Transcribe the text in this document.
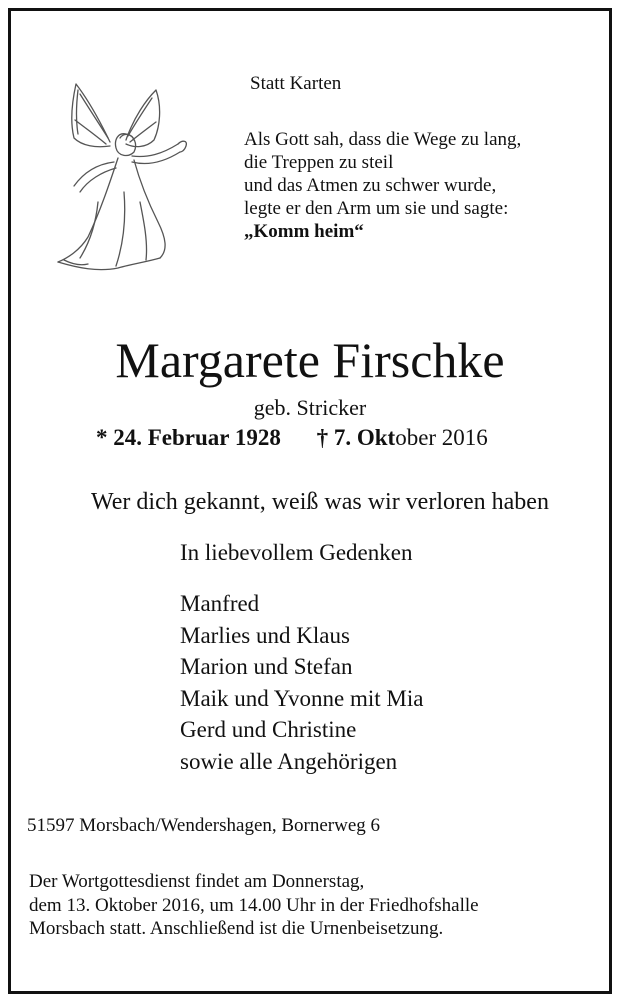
Statt Karten
Als Gott sah, dass die Wege zu lang,
die Treppen zu steil
und das Atmen zu schwer wurde,
legte er den Arm um sie und sagte:
„Komm heim“
Margarete Firschke
geb. Stricker
* 24. Februar 1928 † 7. Oktober 2016
Wer dich gekannt, weiß was wir verloren haben
In liebevollem Gedenken
Manfred
Marlies und Klaus
Marion und Stefan
Maik und Yvonne mit Mia
Gerd und Christine
sowie alle Angehörigen
51597 Morsbach/Wendershagen, Bornerweg 6
Der Wortgottesdienst findet am Donnerstag,
dem 13. Oktober 2016, um 14.00 Uhr in der Friedhofshalle
Morsbach statt. Anschließend ist die Urnenbeisetzung.
